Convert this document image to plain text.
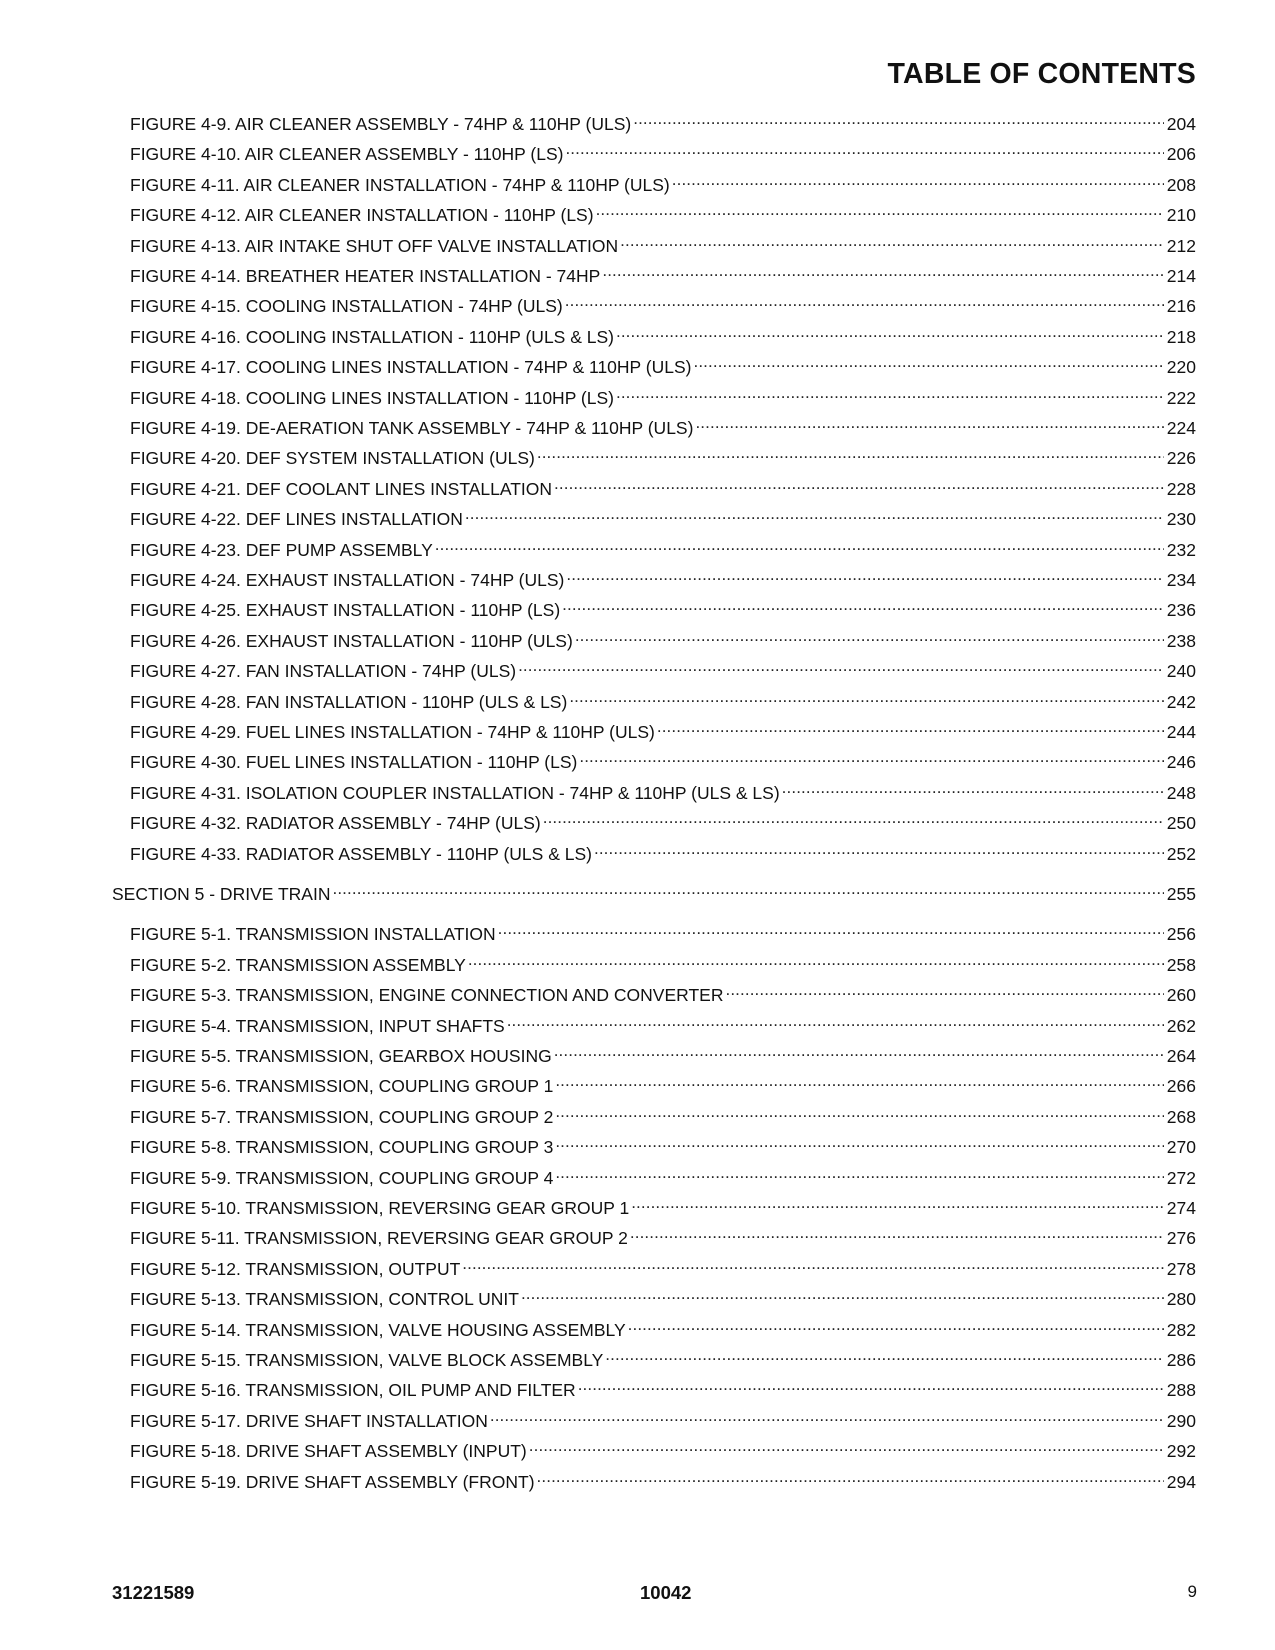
TABLE OF CONTENTS
FIGURE 4-9. AIR CLEANER ASSEMBLY - 74HP & 110HP (ULS) . . .	204
FIGURE 4-10. AIR CLEANER ASSEMBLY - 110HP (LS) . . .	206
FIGURE 4-11. AIR CLEANER INSTALLATION - 74HP & 110HP (ULS) . . .	208
FIGURE 4-12. AIR CLEANER INSTALLATION - 110HP (LS) . . .	210
FIGURE 4-13. AIR INTAKE SHUT OFF VALVE INSTALLATION . . .	212
FIGURE 4-14. BREATHER HEATER INSTALLATION - 74HP . . .	214
FIGURE 4-15. COOLING INSTALLATION - 74HP (ULS) . . .	216
FIGURE 4-16. COOLING INSTALLATION - 110HP (ULS & LS) . . .	218
FIGURE 4-17. COOLING LINES INSTALLATION - 74HP & 110HP (ULS) . . .	220
FIGURE 4-18. COOLING LINES INSTALLATION - 110HP (LS) . . .	222
FIGURE 4-19. DE-AERATION TANK ASSEMBLY - 74HP & 110HP (ULS) . . .	224
FIGURE 4-20. DEF SYSTEM INSTALLATION (ULS) . . .	226
FIGURE 4-21. DEF COOLANT LINES INSTALLATION . . .	228
FIGURE 4-22. DEF LINES INSTALLATION . . .	230
FIGURE 4-23. DEF PUMP ASSEMBLY . . .	232
FIGURE 4-24. EXHAUST INSTALLATION - 74HP (ULS) . . .	234
FIGURE 4-25. EXHAUST INSTALLATION - 110HP (LS) . . .	236
FIGURE 4-26. EXHAUST INSTALLATION - 110HP (ULS) . . .	238
FIGURE 4-27. FAN INSTALLATION - 74HP (ULS) . . .	240
FIGURE 4-28. FAN INSTALLATION - 110HP (ULS & LS) . . .	242
FIGURE 4-29. FUEL LINES INSTALLATION - 74HP & 110HP (ULS) . . .	244
FIGURE 4-30. FUEL LINES INSTALLATION - 110HP (LS) . . .	246
FIGURE 4-31. ISOLATION COUPLER INSTALLATION - 74HP & 110HP (ULS & LS) . . .	248
FIGURE 4-32. RADIATOR ASSEMBLY - 74HP (ULS) . . .	250
FIGURE 4-33. RADIATOR ASSEMBLY - 110HP (ULS & LS) . . .	252
SECTION 5 - DRIVE TRAIN . . .	255
FIGURE 5-1. TRANSMISSION INSTALLATION . . .	256
FIGURE 5-2. TRANSMISSION ASSEMBLY . . .	258
FIGURE 5-3. TRANSMISSION, ENGINE CONNECTION AND CONVERTER . . .	260
FIGURE 5-4. TRANSMISSION, INPUT SHAFTS . . .	262
FIGURE 5-5. TRANSMISSION, GEARBOX HOUSING . . .	264
FIGURE 5-6. TRANSMISSION, COUPLING GROUP 1 . . .	266
FIGURE 5-7. TRANSMISSION, COUPLING GROUP 2 . . .	268
FIGURE 5-8. TRANSMISSION, COUPLING GROUP 3 . . .	270
FIGURE 5-9. TRANSMISSION, COUPLING GROUP 4 . . .	272
FIGURE 5-10. TRANSMISSION, REVERSING GEAR GROUP 1 . . .	274
FIGURE 5-11. TRANSMISSION, REVERSING GEAR GROUP 2 . . .	276
FIGURE 5-12. TRANSMISSION, OUTPUT . . .	278
FIGURE 5-13. TRANSMISSION, CONTROL UNIT . . .	280
FIGURE 5-14. TRANSMISSION, VALVE HOUSING ASSEMBLY . . .	282
FIGURE 5-15. TRANSMISSION, VALVE BLOCK ASSEMBLY . . .	286
FIGURE 5-16. TRANSMISSION, OIL PUMP AND FILTER . . .	288
FIGURE 5-17. DRIVE SHAFT INSTALLATION . . .	290
FIGURE 5-18. DRIVE SHAFT ASSEMBLY (INPUT) . . .	292
FIGURE 5-19. DRIVE SHAFT ASSEMBLY (FRONT) . . .	294
31221589	10042	9
